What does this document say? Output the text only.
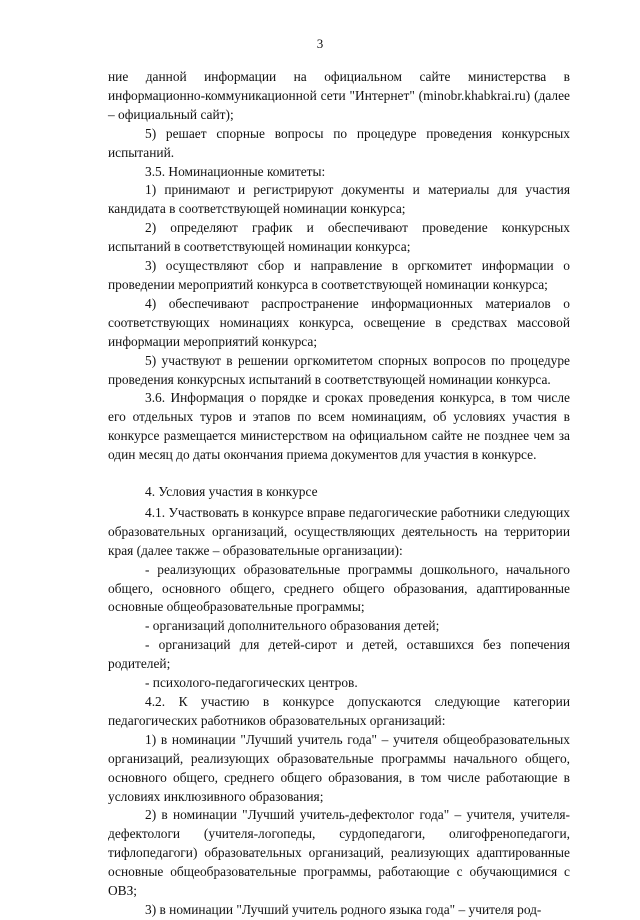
3

ние данной информации на официальном сайте министерства в информационно-коммуникационной сети "Интернет" (minobr.khabkrai.ru) (далее – официальный сайт);

5) решает спорные вопросы по процедуре проведения конкурсных испытаний.

3.5. Номинационные комитеты:

1) принимают и регистрируют документы и материалы для участия кандидата в соответствующей номинации конкурса;

2) определяют график и обеспечивают проведение конкурсных испытаний в соответствующей номинации конкурса;

3) осуществляют сбор и направление в оргкомитет информации о проведении мероприятий конкурса в соответствующей номинации конкурса;

4) обеспечивают распространение информационных материалов о соответствующих номинациях конкурса, освещение в средствах массовой информации мероприятий конкурса;

5) участвуют в решении оргкомитетом спорных вопросов по процедуре проведения конкурсных испытаний в соответствующей номинации конкурса.

3.6. Информация о порядке и сроках проведения конкурса, в том числе его отдельных туров и этапов по всем номинациям, об условиях участия в конкурсе размещается министерством на официальном сайте не позднее чем за один месяц до даты окончания приема документов для участия в конкурсе.

4. Условия участия в конкурсе

4.1. Участвовать в конкурсе вправе педагогические работники следующих образовательных организаций, осуществляющих деятельность на территории края (далее также – образовательные организации):

- реализующих образовательные программы дошкольного, начального общего, основного общего, среднего общего образования, адаптированные основные общеобразовательные программы;

- организаций дополнительного образования детей;

- организаций для детей-сирот и детей, оставшихся без попечения родителей;

- психолого-педагогических центров.

4.2. К участию в конкурсе допускаются следующие категории педагогических работников образовательных организаций:

1) в номинации "Лучший учитель года" – учителя общеобразовательных организаций, реализующих образовательные программы начального общего, основного общего, среднего общего образования, в том числе работающие в условиях инклюзивного образования;

2) в номинации "Лучший учитель-дефектолог года" – учителя, учителя-дефектологи (учителя-логопеды, сурдопедагоги, олигофренопедагоги, тифлопедагоги) образовательных организаций, реализующих адаптированные основные общеобразовательные программы, работающие с обучающимися с ОВЗ;

3) в номинации "Лучший учитель родного языка года" – учителя род-
